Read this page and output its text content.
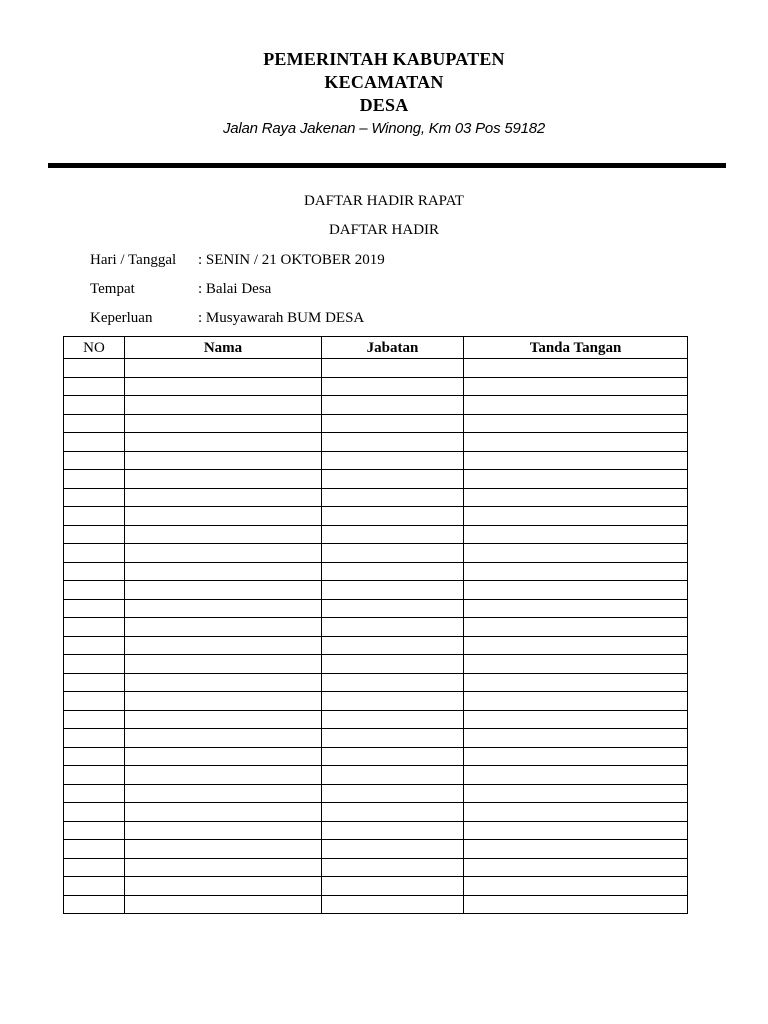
PEMERINTAH KABUPATEN
KECAMATAN
DESA
Jalan Raya Jakenan – Winong, Km 03 Pos 59182
DAFTAR HADIR RAPAT
DAFTAR HADIR
Hari / Tanggal	: SENIN / 21 OKTOBER 2019
Tempat	: Balai Desa
Keperluan	: Musyawarah BUM DESA
NO	Nama	Jabatan	Tanda Tangan
